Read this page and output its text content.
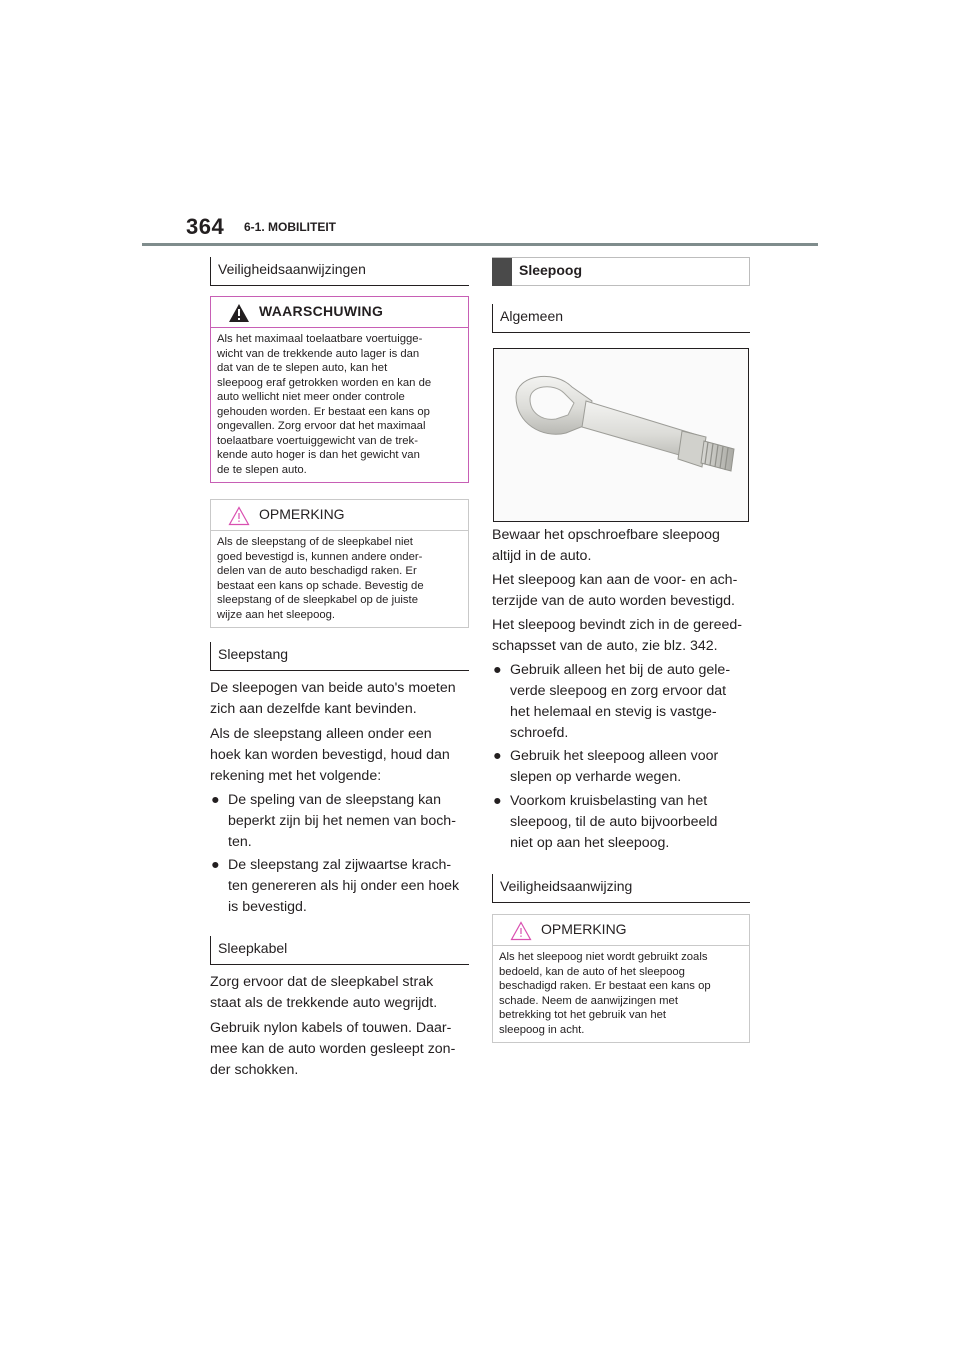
364 6-1. MOBILITEIT
Veiligheidsaanwijzingen
WAARSCHUWING
Als het maximaal toelaatbare voertuigge-
wicht van de trekkende auto lager is dan
dat van de te slepen auto, kan het
sleepoog eraf getrokken worden en kan de
auto wellicht niet meer onder controle
gehouden worden. Er bestaat een kans op
ongevallen. Zorg ervoor dat het maximaal
toelaatbare voertuiggewicht van de trek-
kende auto hoger is dan het gewicht van
de te slepen auto.
OPMERKING
Als de sleepstang of de sleepkabel niet
goed bevestigd is, kunnen andere onder-
delen van de auto beschadigd raken. Er
bestaat een kans op schade. Bevestig de
sleepstang of de sleepkabel op de juiste
wijze aan het sleepoog.
Sleepstang
De sleepogen van beide auto's moeten
zich aan dezelfde kant bevinden.
Als de sleepstang alleen onder een
hoek kan worden bevestigd, houd dan
rekening met het volgende:
● De speling van de sleepstang kan
beperkt zijn bij het nemen van boch-
ten.
● De sleepstang zal zijwaartse krach-
ten genereren als hij onder een hoek
is bevestigd.
Sleepkabel
Zorg ervoor dat de sleepkabel strak
staat als de trekkende auto wegrijdt.
Gebruik nylon kabels of touwen. Daar-
mee kan de auto worden gesleept zon-
der schokken.
Sleepoog
Algemeen
Bewaar het opschroefbare sleepoog
altijd in de auto.
Het sleepoog kan aan de voor- en ach-
terzijde van de auto worden bevestigd.
Het sleepoog bevindt zich in de gereed-
schapsset van de auto, zie blz. 342.
● Gebruik alleen het bij de auto gele-
verde sleepoog en zorg ervoor dat
het helemaal en stevig is vastge-
schroefd.
● Gebruik het sleepoog alleen voor
slepen op verharde wegen.
● Voorkom kruisbelasting van het
sleepoog, til de auto bijvoorbeeld
niet op aan het sleepoog.
Veiligheidsaanwijzing
OPMERKING
Als het sleepoog niet wordt gebruikt zoals
bedoeld, kan de auto of het sleepoog
beschadigd raken. Er bestaat een kans op
schade. Neem de aanwijzingen met
betrekking tot het gebruik van het
sleepoog in acht.
